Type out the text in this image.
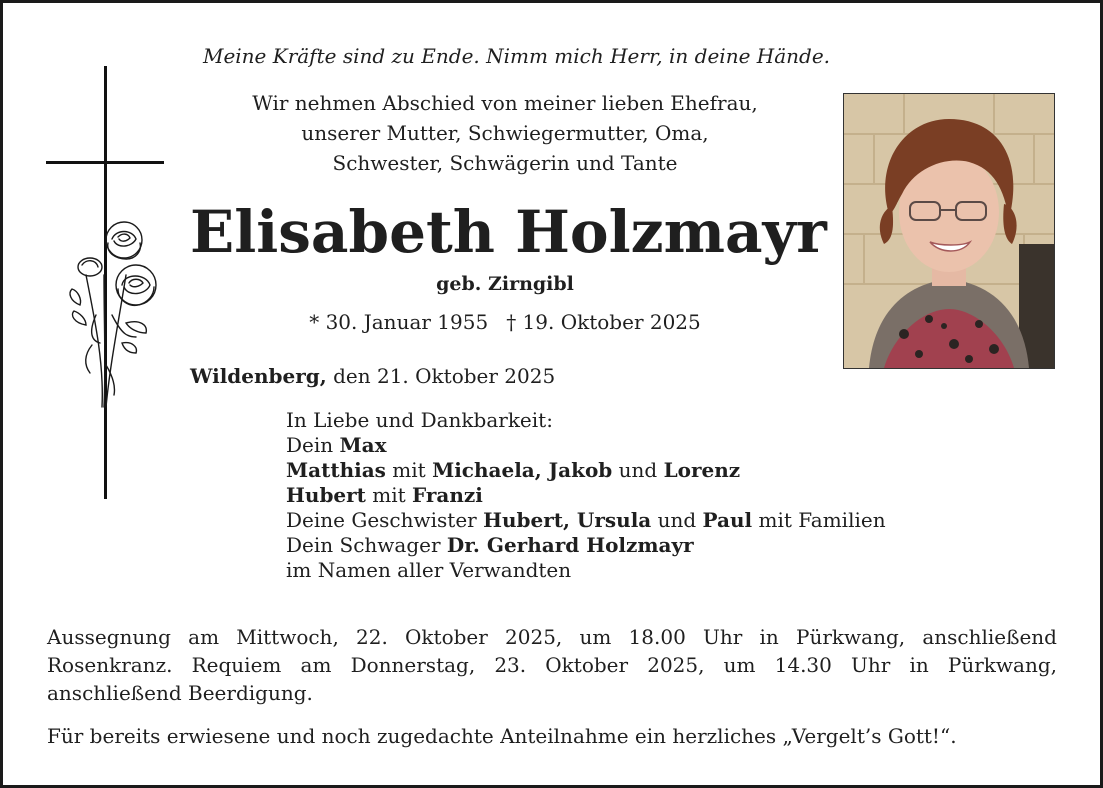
Meine Kräfte sind zu Ende. Nimm mich Herr, in deine Hände.
Wir nehmen Abschied von meiner lieben Ehefrau,
unserer Mutter, Schwiegermutter, Oma,
Schwester, Schwägerin und Tante
Elisabeth Holzmayr
geb. Zirngibl
* 30. Januar 1955 † 19. Oktober 2025
Wildenberg, den 21. Oktober 2025
In Liebe und Dankbarkeit:
Dein Max
Matthias mit Michaela, Jakob und Lorenz
Hubert mit Franzi
Deine Geschwister Hubert, Ursula und Paul mit Familien
Dein Schwager Dr. Gerhard Holzmayr
im Namen aller Verwandten
Aussegnung am Mittwoch, 22. Oktober 2025, um 18.00 Uhr in Pürkwang, anschließend Rosenkranz. Requiem am Donnerstag, 23. Oktober 2025, um 14.30 Uhr in Pürkwang, anschließend Beerdigung.
Für bereits erwiesene und noch zugedachte Anteilnahme ein herzliches „Vergelt’s Gott!“.
